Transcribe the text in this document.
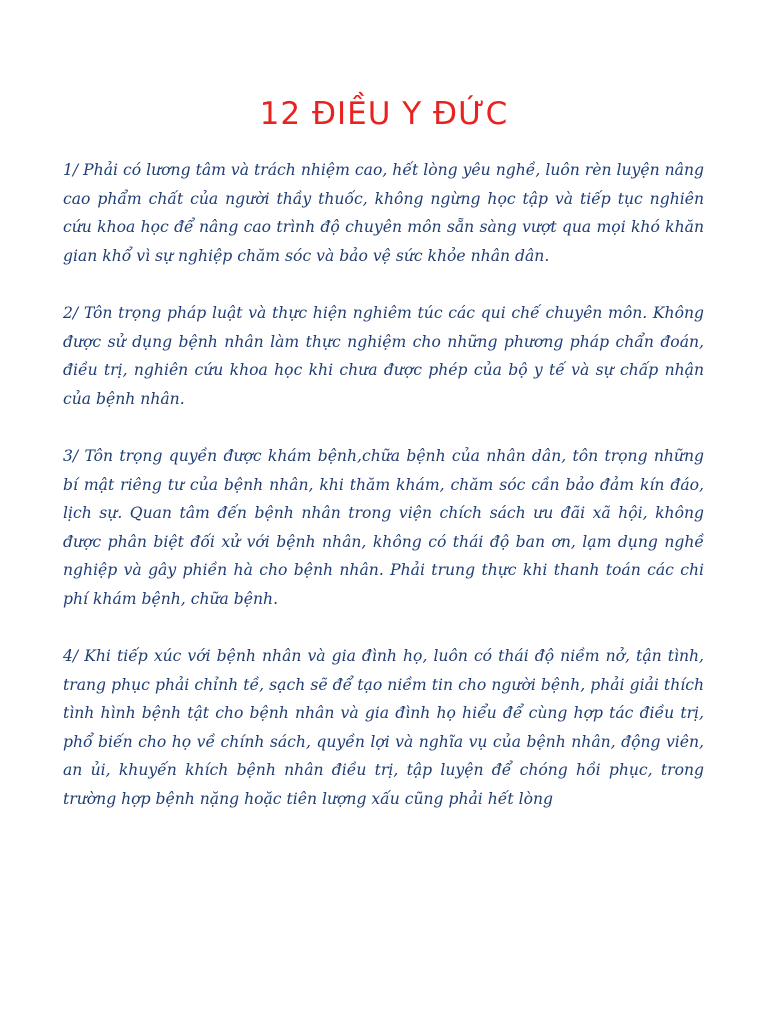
12 ĐIỀU Y ĐỨC

1/ Phải có lương tâm và trách nhiệm cao, hết lòng yêu nghề, luôn rèn luyện nâng cao phẩm chất của người thầy thuốc, không ngừng học tập và tiếp tục nghiên cứu khoa học để nâng cao trình độ chuyên môn sẵn sàng vượt qua mọi khó khăn gian khổ vì sự nghiệp chăm sóc và bảo vệ sức khỏe nhân dân.

2/ Tôn trọng pháp luật và thực hiện nghiêm túc các qui chế chuyên môn. Không được sử dụng bệnh nhân làm thực nghiệm cho những phương pháp chẩn đoán, điều trị, nghiên cứu khoa học khi chưa được phép của bộ y tế và sự chấp nhận của bệnh nhân.

3/ Tôn trọng quyền được khám bệnh,chữa bệnh của nhân dân, tôn trọng những bí mật riêng tư của bệnh nhân, khi thăm khám, chăm sóc cần bảo đảm kín đáo, lịch sự. Quan tâm đến bệnh nhân trong viện chích sách ưu đãi xã hội, không được phân biệt đối xử với bệnh nhân, không có thái độ ban ơn, lạm dụng nghề nghiệp và gây phiền hà cho bệnh nhân. Phải trung thực khi thanh toán các chi phí khám bệnh, chữa bệnh.

4/ Khi tiếp xúc với bệnh nhân và gia đình họ, luôn có thái độ niềm nở, tận tình, trang phục phải chỉnh tề, sạch sẽ để tạo niềm tin cho người bệnh, phải giải thích tình hình bệnh tật cho bệnh nhân và gia đình họ hiểu để cùng hợp tác điều trị, phổ biến cho họ về chính sách, quyền lợi và nghĩa vụ của bệnh nhân, động viên, an ủi, khuyến khích bệnh nhân điều trị, tập luyện để chóng hồi phục, trong trường hợp bệnh nặng hoặc tiên lượng xấu cũng phải hết lòng
